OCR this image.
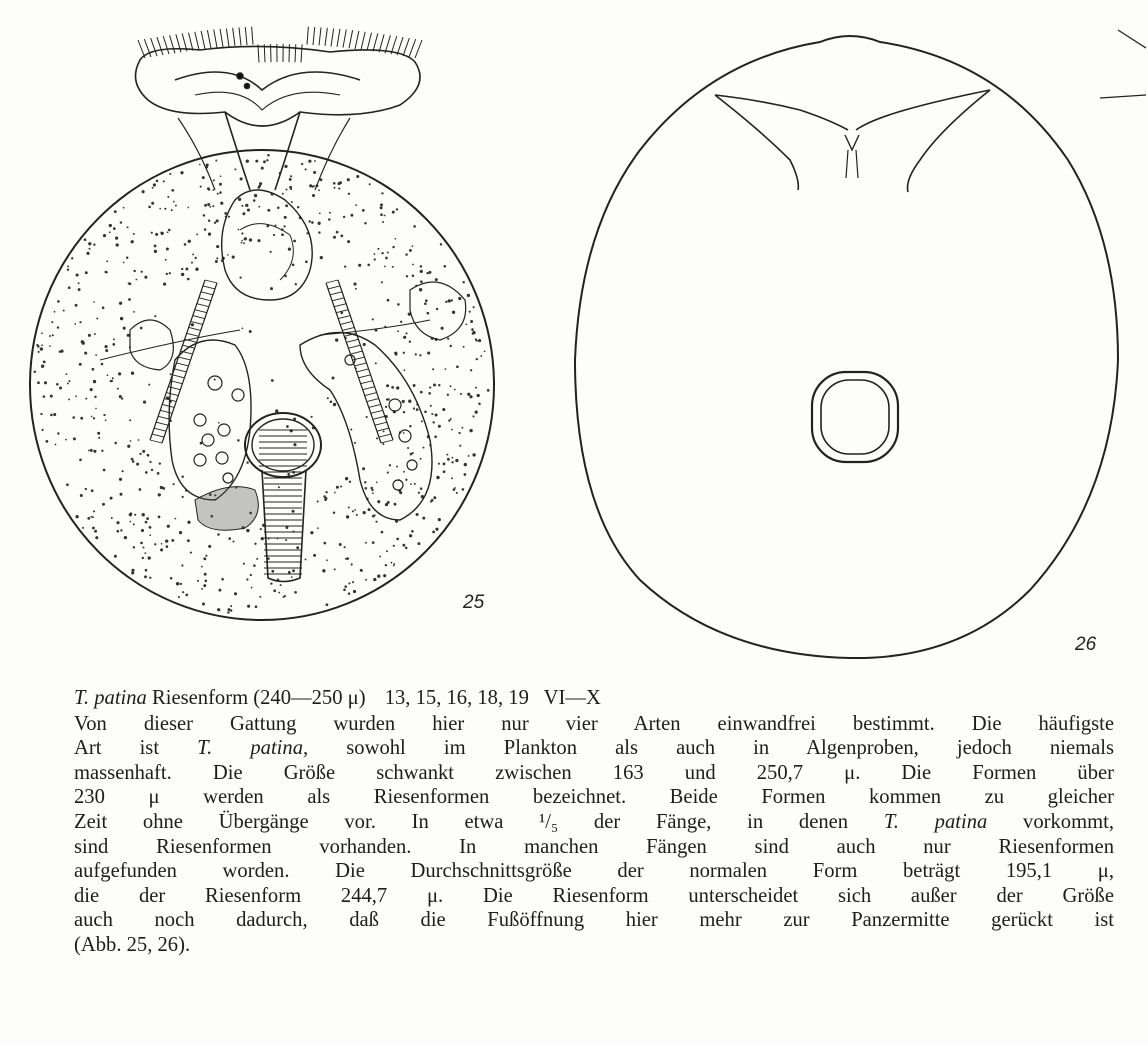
25
26
T. patina Riesenform (240—250 μ) 13, 15, 16, 18, 19 VI—X
Von dieser Gattung wurden hier nur vier Arten einwandfrei bestimmt. Die häufigste
Art ist T. patina, sowohl im Plankton als auch in Algenproben, jedoch niemals
massenhaft. Die Größe schwankt zwischen 163 und 250,7 μ. Die Formen über
230 μ werden als Riesenformen bezeichnet. Beide Formen kommen zu gleicher
Zeit ohne Übergänge vor. In etwa ¹/₅ der Fänge, in denen T. patina vorkommt,
sind Riesenformen vorhanden. In manchen Fängen sind auch nur Riesenformen
aufgefunden worden. Die Durchschnittsgröße der normalen Form beträgt 195,1 μ,
die der Riesenform 244,7 μ. Die Riesenform unterscheidet sich außer der Größe
auch noch dadurch, daß die Fußöffnung hier mehr zur Panzermitte gerückt ist
(Abb. 25, 26).
